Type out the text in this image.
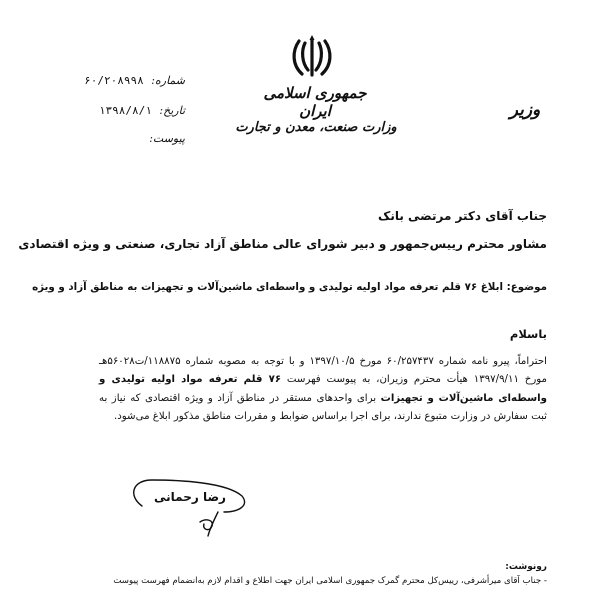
جمهوری اسلامی ایران
وزارت صنعت، معدن و تجارت
وزیر
شماره: ۶۰/۲۰۸۹۹۸
تاریخ: ۱۳۹۸/۸/۱
پیوست:
جناب آقای دکتر مرتضی بانک
مشاور محترم رییس‌جمهور و دبیر شورای عالی مناطق آزاد تجاری، صنعتی و ویژه اقتصادی
موضوع: ابلاغ ۷۶ قلم تعرفه مواد اولیه تولیدی و واسطه‌ای ماشین‌آلات و تجهیزات به مناطق آزاد و ویژه
باسلام
احتراماً، پیرو نامه شماره ۶۰/۲۵۷۴۳۷ مورخ ۱۳۹۷/۱۰/۵ و با توجه به مصوبه شماره ۱۱۸۸۷۵/ت۵۶۰۲۸هـ مورخ ۱۳۹۷/۹/۱۱ هیأت محترم وزیران، به پیوست فهرست ۷۶ قلم تعرفه مواد اولیه تولیدی و واسطه‌ای ماشین‌آلات و تجهیزات برای واحدهای مستقر در مناطق آزاد و ویژه اقتصادی که نیاز به ثبت سفارش در وزارت متبوع ندارند، برای اجرا براساس ضوابط و مقررات مناطق مذکور ابلاغ می‌شود.
رضا رحمانی
رونوشت:
- جناب آقای میرأشرفی، رییس‌کل محترم گمرک جمهوری اسلامی ایران جهت اطلاع و اقدام لازم به‌انضمام فهرست پیوست
